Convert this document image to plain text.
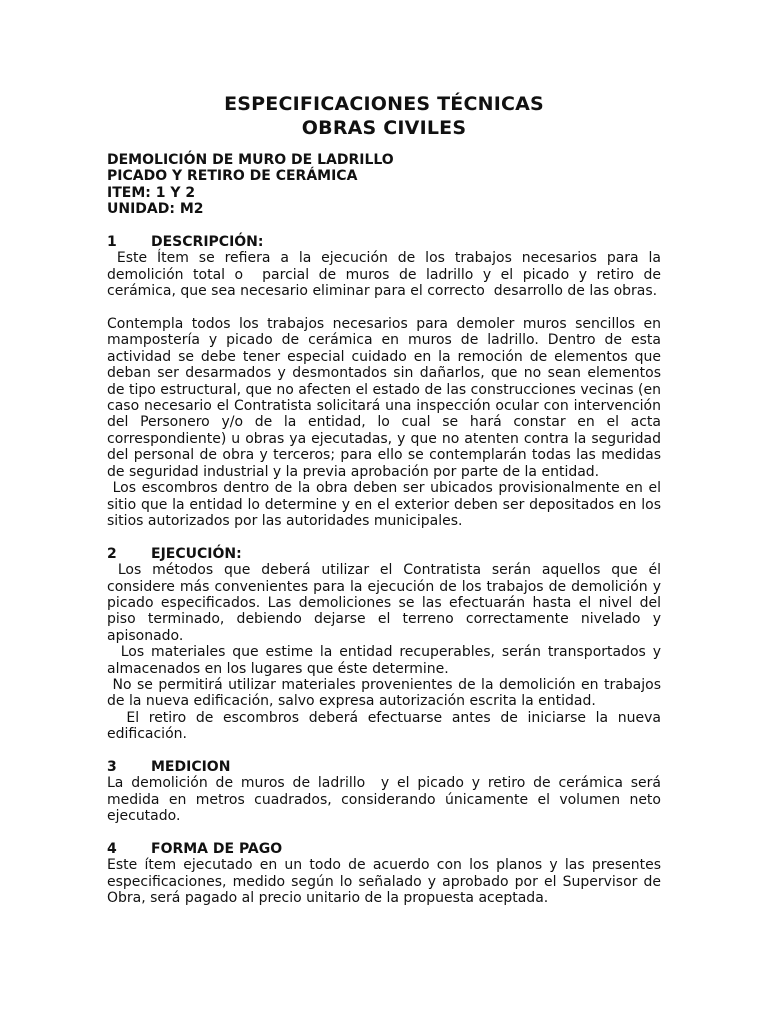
ESPECIFICACIONES TÉCNICAS
OBRAS CIVILES
DEMOLICIÓN DE MURO DE LADRILLO
PICADO Y RETIRO DE CERÁMICA
ITEM: 1 Y 2
UNIDAD: M2
1	DESCRIPCIÓN:
Este Ítem se refiera a la ejecución de los trabajos necesarios para la demolición total o  parcial de muros de ladrillo y el picado y retiro de cerámica, que sea necesario eliminar para el correcto  desarrollo de las obras.
Contempla todos los trabajos necesarios para demoler muros sencillos en mampostería y picado de cerámica en muros de ladrillo. Dentro de esta actividad se debe tener especial cuidado en la remoción de elementos que deban ser desarmados y desmontados sin dañarlos, que no sean elementos de tipo estructural, que no afecten el estado de las construcciones vecinas (en caso necesario el Contratista solicitará una inspección ocular con intervención del Personero y/o de la entidad, lo cual se hará constar en el acta correspondiente) u obras ya ejecutadas, y que no atenten contra la seguridad del personal de obra y terceros; para ello se contemplarán todas las medidas de seguridad industrial y la previa aprobación por parte de la entidad.
Los escombros dentro de la obra deben ser ubicados provisionalmente en el sitio que la entidad lo determine y en el exterior deben ser depositados en los sitios autorizados por las autoridades municipales.
2	EJECUCIÓN:
Los métodos que deberá utilizar el Contratista serán aquellos que él considere más convenientes para la ejecución de los trabajos de demolición y picado especificados. Las demoliciones se las efectuarán hasta el nivel del piso terminado, debiendo dejarse el terreno correctamente nivelado y apisonado.
Los materiales que estime la entidad recuperables, serán transportados y almacenados en los lugares que éste determine.
No se permitirá utilizar materiales provenientes de la demolición en trabajos de la nueva edificación, salvo expresa autorización escrita la entidad.
El retiro de escombros deberá efectuarse antes de iniciarse la nueva edificación.
3	MEDICION
La demolición de muros de ladrillo  y el picado y retiro de cerámica será medida en metros cuadrados, considerando únicamente el volumen neto ejecutado.
4	FORMA DE PAGO
Este ítem ejecutado en un todo de acuerdo con los planos y las presentes especificaciones, medido según lo señalado y aprobado por el Supervisor de Obra, será pagado al precio unitario de la propuesta aceptada.
